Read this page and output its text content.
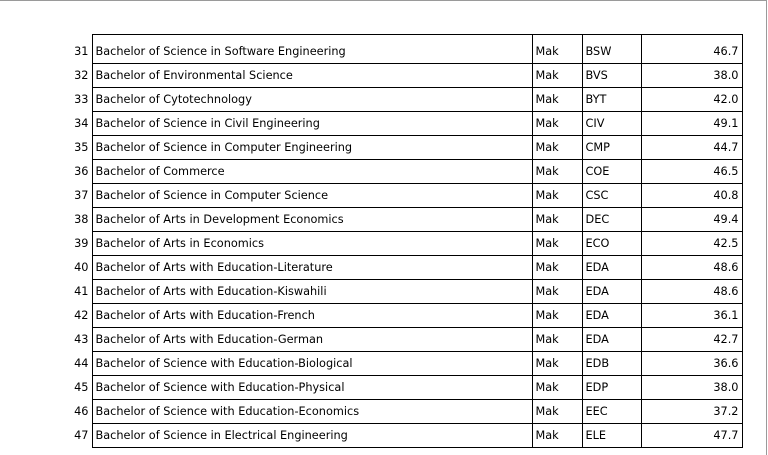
31	Bachelor of Science in Software Engineering	Mak	BSW	46.7
32	Bachelor of Environmental Science	Mak	BVS	38.0
33	Bachelor of Cytotechnology	Mak	BYT	42.0
34	Bachelor of Science in Civil Engineering	Mak	CIV	49.1
35	Bachelor of Science in Computer Engineering	Mak	CMP	44.7
36	Bachelor of Commerce	Mak	COE	46.5
37	Bachelor of Science in Computer Science	Mak	CSC	40.8
38	Bachelor of Arts in Development Economics	Mak	DEC	49.4
39	Bachelor of Arts in Economics	Mak	ECO	42.5
40	Bachelor of Arts with Education-Literature	Mak	EDA	48.6
41	Bachelor of Arts with Education-Kiswahili	Mak	EDA	48.6
42	Bachelor of Arts with Education-French	Mak	EDA	36.1
43	Bachelor of Arts with Education-German	Mak	EDA	42.7
44	Bachelor of Science with Education-Biological	Mak	EDB	36.6
45	Bachelor of Science with Education-Physical	Mak	EDP	38.0
46	Bachelor of Science with Education-Economics	Mak	EEC	37.2
47	Bachelor of Science in Electrical Engineering	Mak	ELE	47.7
